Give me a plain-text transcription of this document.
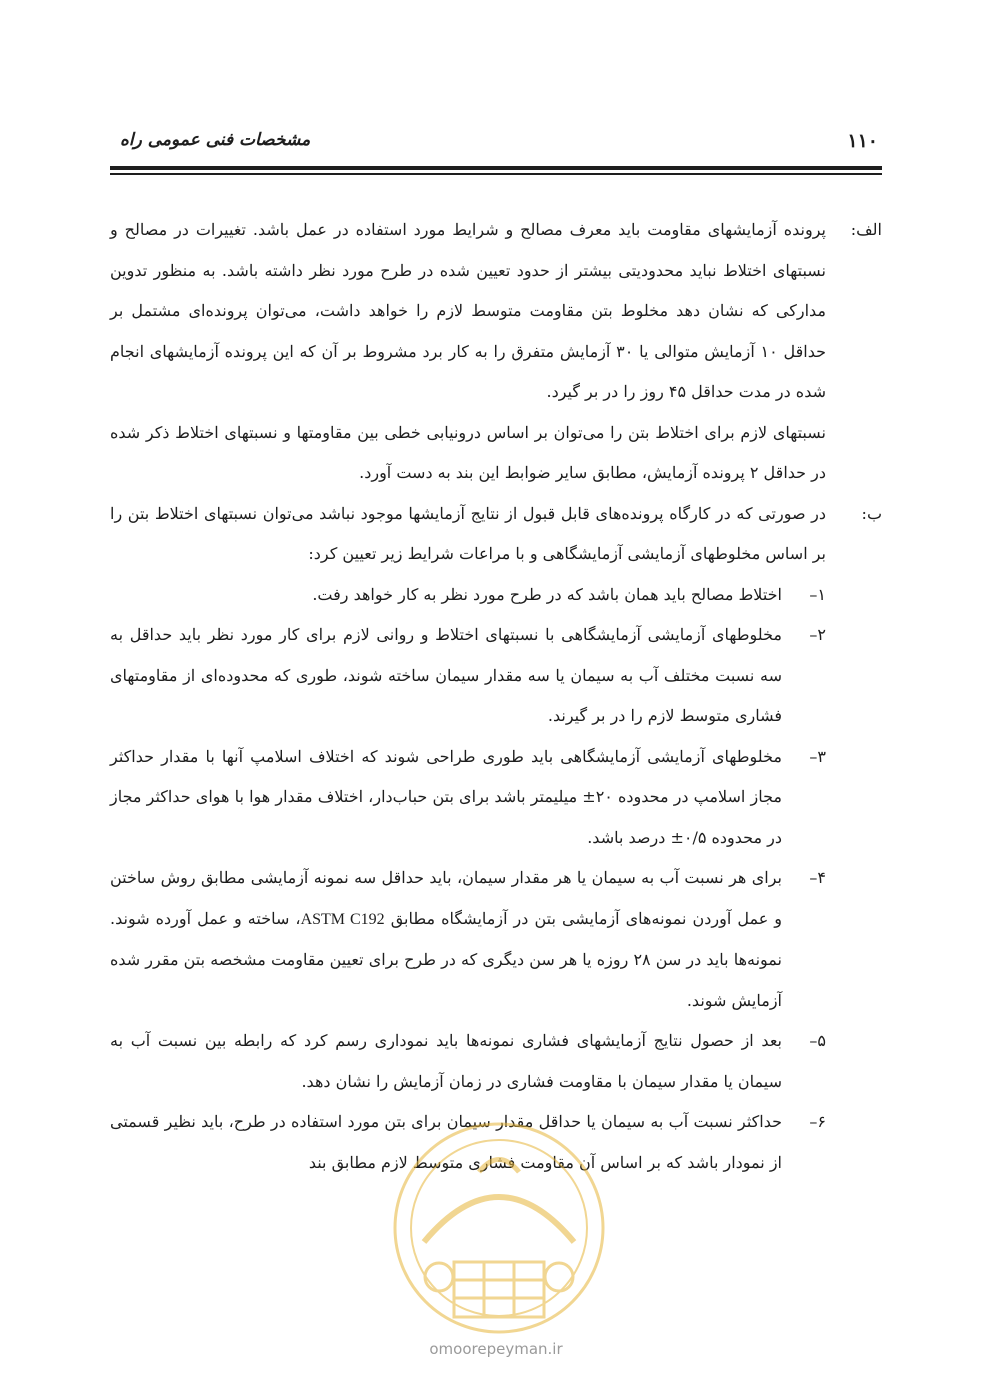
۱۱۰
مشخصات فنی عمومی راه
الف:
پرونده آزمایشهای مقاومت باید معرف مصالح و شرایط مورد استفاده در عمل باشد. تغییرات در مصالح و نسبتهای اختلاط نباید محدودیتی بیشتر از حدود تعیین شده در طرح مورد نظر داشته باشد. به منظور تدوین مدارکی که نشان دهد مخلوط بتن مقاومت متوسط لازم را خواهد داشت، می‌توان پرونده‌ای مشتمل بر حداقل ۱۰ آزمایش متوالی یا ۳۰ آزمایش متفرق را به کار برد مشروط بر آن که این پرونده آزمایشهای انجام شده در مدت حداقل ۴۵ روز را در بر گیرد.
نسبتهای لازم برای اختلاط بتن را می‌توان بر اساس درونیابی خطی بین مقاومتها و نسبتهای اختلاط ذکر شده در حداقل ۲ پرونده آزمایش، مطابق سایر ضوابط این بند به دست آورد.
ب:
در صورتی که در کارگاه پرونده‌های قابل قبول از نتایج آزمایشها موجود نباشد می‌توان نسبتهای اختلاط بتن را بر اساس مخلوطهای آزمایشی آزمایشگاهی و با مراعات شرایط زیر تعیین کرد:
۱–
اختلاط مصالح باید همان باشد که در طرح مورد نظر به کار خواهد رفت.
۲–
مخلوطهای آزمایشی آزمایشگاهی با نسبتهای اختلاط و روانی لازم برای کار مورد نظر باید حداقل به سه نسبت مختلف آب به سیمان یا سه مقدار سیمان ساخته شوند، طوری که محدوده‌ای از مقاومتهای فشاری متوسط لازم را در بر گیرند.
۳–
مخلوطهای آزمایشی آزمایشگاهی باید طوری طراحی شوند که اختلاف اسلامپ آنها با مقدار حداکثر مجاز اسلامپ در محدوده ۲۰± میلیمتر باشد برای بتن حباب‌دار، اختلاف مقدار هوا با هوای حداکثر مجاز در محدوده ۰/۵± درصد باشد.
۴–
برای هر نسبت آب به سیمان یا هر مقدار سیمان، باید حداقل سه نمونه آزمایشی مطابق روش ساختن و عمل آوردن نمونه‌های آزمایشی بتن در آزمایشگاه مطابق ASTM C192، ساخته و عمل آورده شوند. نمونه‌ها باید در سن ۲۸ روزه یا هر سن دیگری که در طرح برای تعیین مقاومت مشخصه بتن مقرر شده آزمایش شوند.
۵–
بعد از حصول نتایج آزمایشهای فشاری نمونه‌ها باید نموداری رسم کرد که رابطه بین نسبت آب به سیمان یا مقدار سیمان با مقاومت فشاری در زمان آزمایش را نشان دهد.
۶–
حداکثر نسبت آب به سیمان یا حداقل مقدار سیمان برای بتن مورد استفاده در طرح، باید نظیر قسمتی از نمودار باشد که بر اساس آن مقاومت فشاری متوسط لازم مطابق بند
omoorepeyman.ir
